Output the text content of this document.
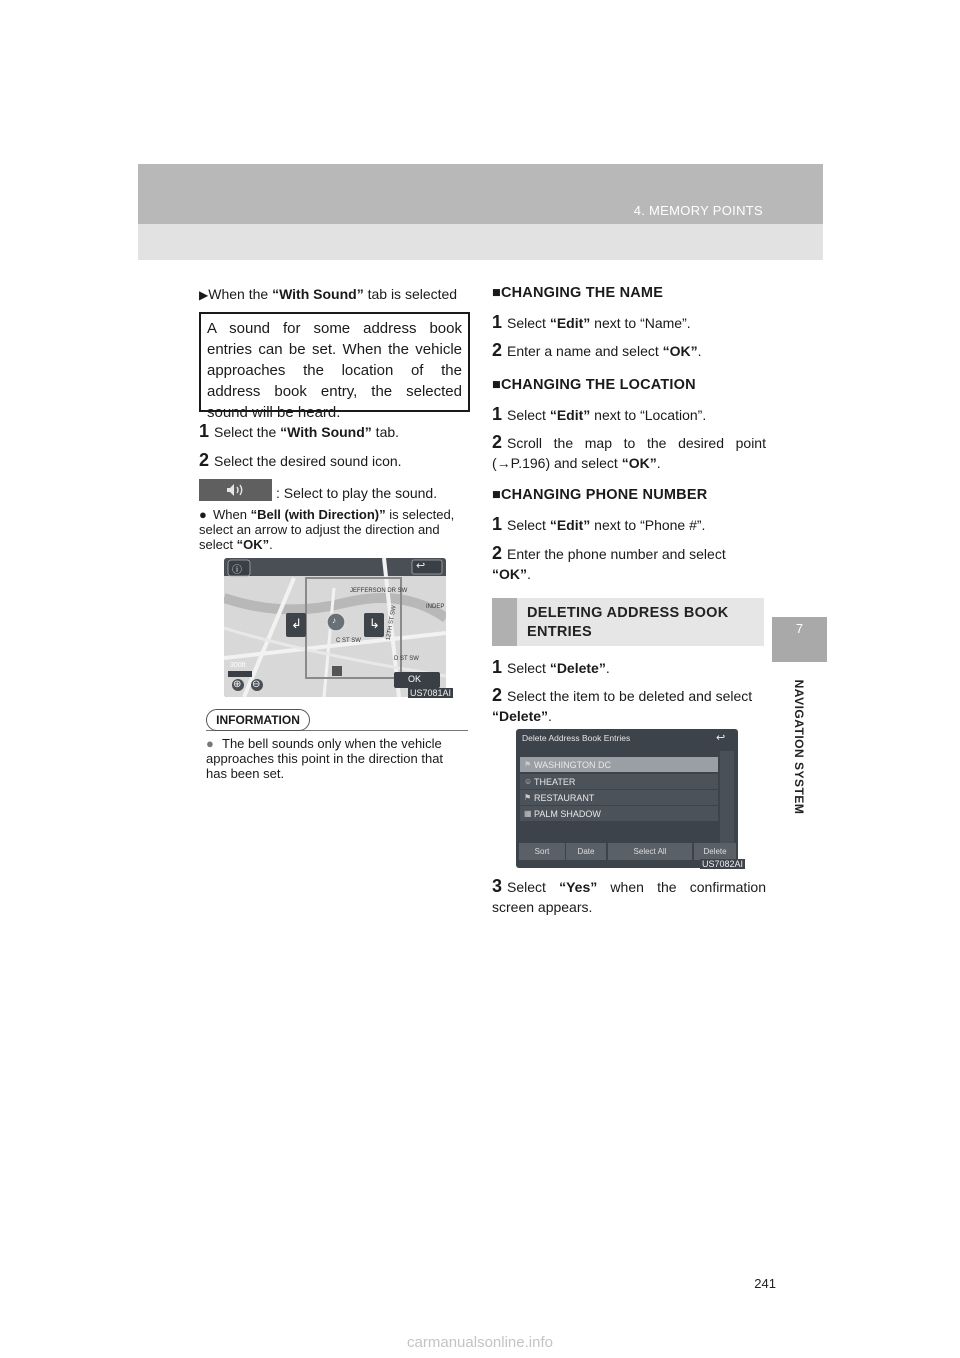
4. MEMORY POINTS
7
NAVIGATION SYSTEM
▶When the “With Sound” tab is selected
A sound for some address book entries can be set. When the vehicle approaches the location of the address book entry, the selected sound will be heard.
1 Select the “With Sound” tab.
2 Select the desired sound icon.
: Select to play the sound.
● When “Bell (with Direction)” is selected, select an arrow to adjust the direction and select “OK”.
ⓘ	↩
JEFFERSON DR SW
INDEP
C ST SW
D ST SW
12TH ST SW
↲	↳
♪
300ft
⊕ ⊖	OK
US7081AI
INFORMATION
● The bell sounds only when the vehicle approaches this point in the direction that has been set.
■CHANGING THE NAME
1 Select “Edit” next to “Name”.
2 Enter a name and select “OK”.
■CHANGING THE LOCATION
1 Select “Edit” next to “Location”.
2 Scroll the map to the desired point (→P.196) and select “OK”.
■CHANGING PHONE NUMBER
1 Select “Edit” next to “Phone #”.
2 Enter the phone number and select “OK”.
DELETING ADDRESS BOOK ENTRIES
1 Select “Delete”.
2 Select the item to be deleted and select “Delete”.
Delete Address Book Entries	↩
⚑ WASHINGTON DC
☺ THEATER
⚑ RESTAURANT
▦ PALM SHADOW
Sort	Date	Select All	Delete
US7082AI
3 Select “Yes” when the confirmation screen appears.
241
carmanualsonline.info
